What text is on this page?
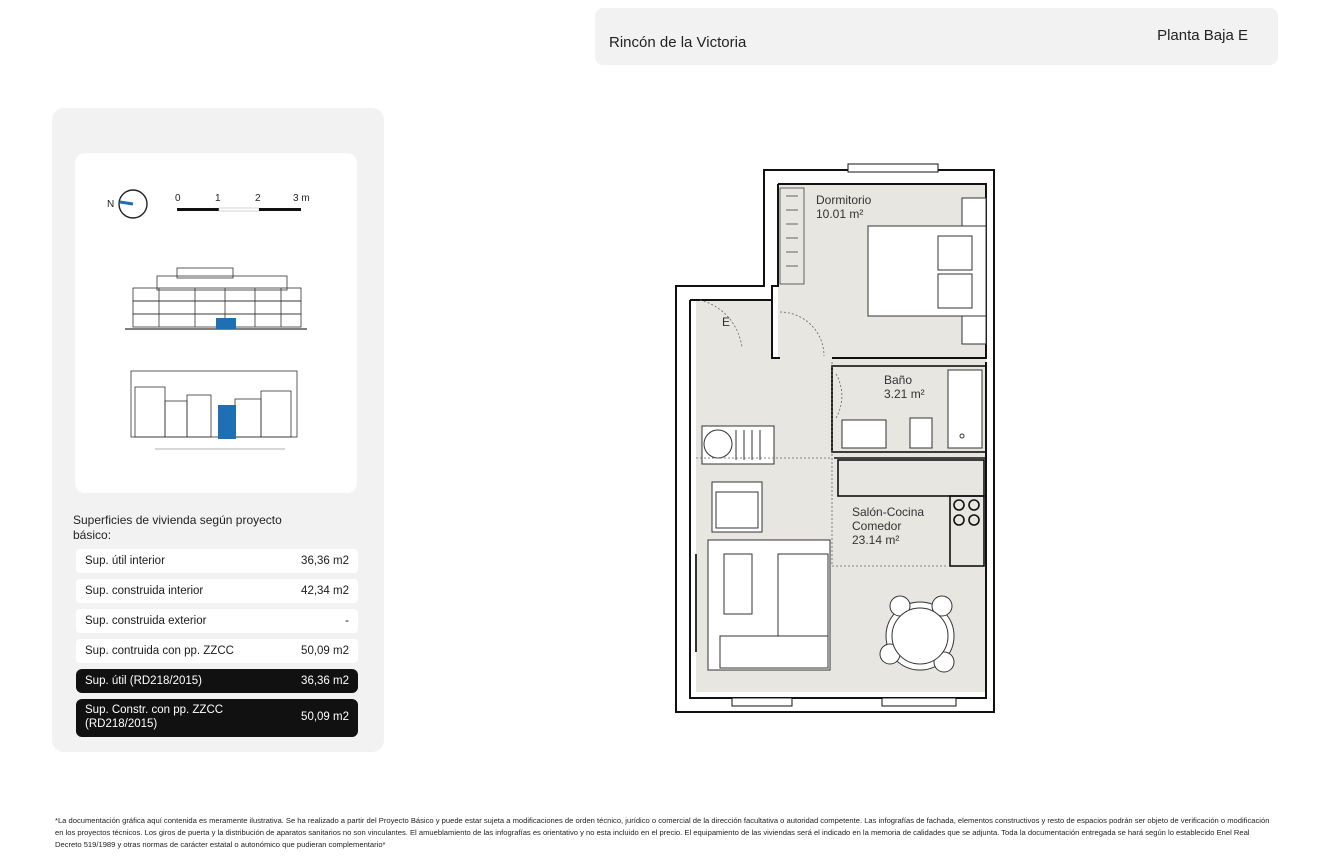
Rincón de la Victoria	Planta Baja E
N
0	1	2	3 m
Superficies de vivienda según proyecto básico:
Sup. útil interior	36,36 m2
Sup. construida interior	42,34 m2
Sup. construida exterior	-
Sup. contruida con pp. ZZCC	50,09 m2
Sup. útil (RD218/2015)	36,36 m2
Sup. Constr. con pp. ZZCC (RD218/2015)
50,09 m2
Dormitorio
10.01 m²
Baño
3.21 m²
Salón-Cocina Comedor
23.14 m²
E
*La documentación gráfica aquí contenida es meramente ilustrativa. Se ha realizado a partir del Proyecto Básico y puede estar sujeta a modificaciones de orden técnico, jurídico o comercial de la dirección facultativa o autoridad competente. Las infografías de fachada, elementos constructivos y resto de espacios podrán ser objeto de verificación o modificación en los proyectos técnicos. Los giros de puerta y la distribución de aparatos sanitarios no son vinculantes. El amueblamiento de las infografías es orientativo y no esta incluido en el precio. El equipamiento de las viviendas será el indicado en la memoria de calidades que se adjunta. Toda la documentación entregada se hará según lo establecido Enel Real Decreto 519/1989 y otras normas de carácter estatal o autonómico que pudieran complementario*
